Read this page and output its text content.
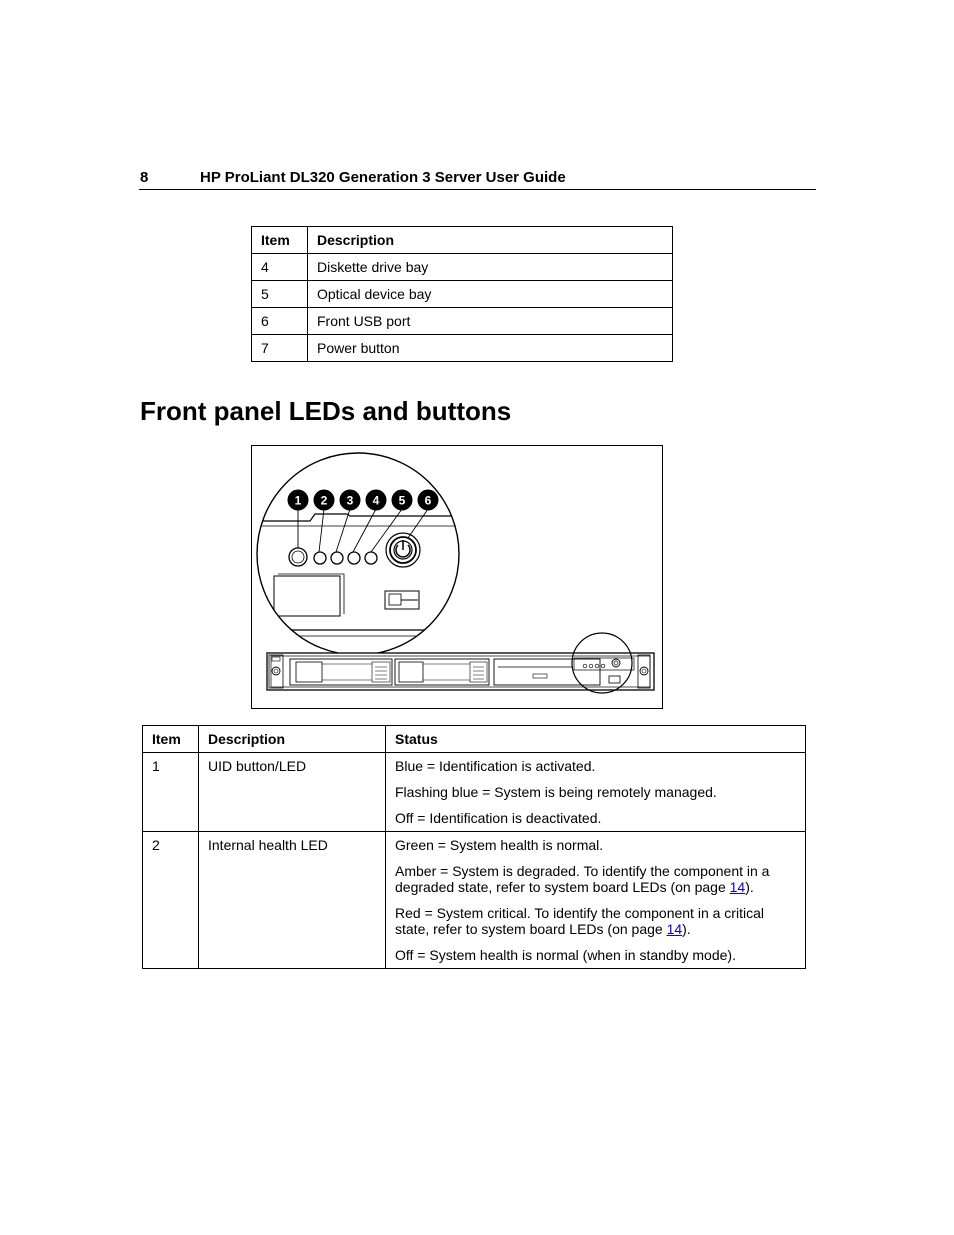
8	HP ProLiant DL320 Generation 3 Server User Guide
Item	Description
4	Diskette drive bay
5	Optical device bay
6	Front USB port
7	Power button
Front panel LEDs and buttons
1 2 3 4 5 6
Item	Description	Status
1	UID button/LED	Blue = Identification is activated.

Flashing blue = System is being remotely managed.

Off = Identification is deactivated.

2	Internal health LED	Green = System health is normal.

Amber = System is degraded. To identify the component in a degraded state, refer to system board LEDs (on page 14).

Red = System critical. To identify the component in a critical state, refer to system board LEDs (on page 14).

Off = System health is normal (when in standby mode).
